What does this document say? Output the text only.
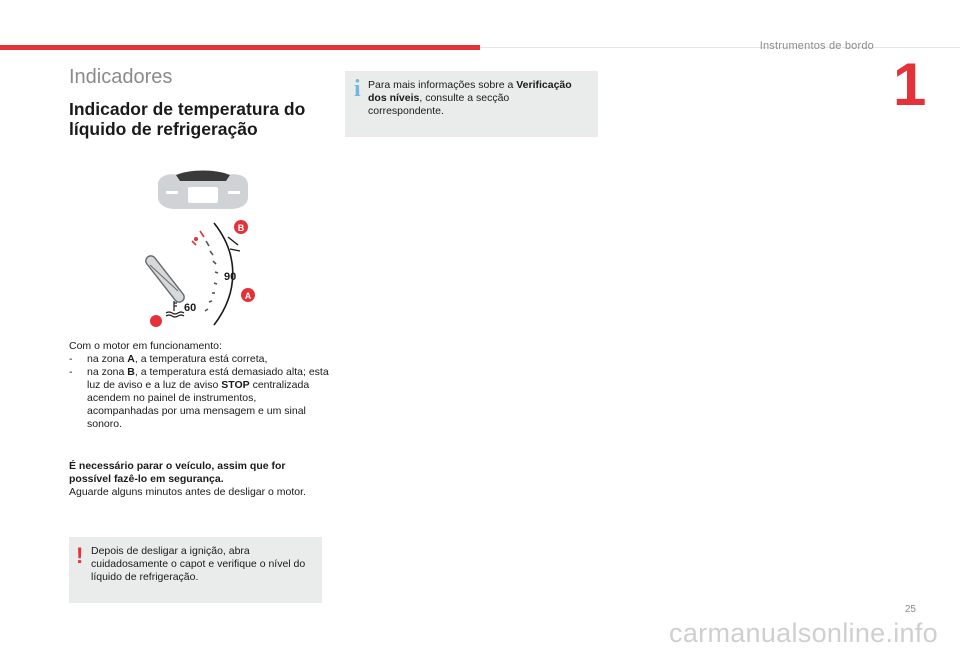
Instrumentos de bordo
1
Indicadores
Indicador de temperatura do líquido de refrigeração
90
60
B
A

Com o motor em funcionamento:

-	na zona A, a temperatura está correta,
-	na zona B, a temperatura está demasiado alta; esta luz de aviso e a luz de aviso STOP centralizada acendem no painel de instrumentos, acompanhadas por uma mensagem e um sinal sonoro.

É necessário parar o veículo, assim que for possível fazê-lo em segurança.

Aguarde alguns minutos antes de desligar o motor.

! Depois de desligar a ignição, abra cuidadosamente o capot e verifique o nível do líquido de refrigeração.
i Para mais informações sobre a Verificação dos níveis, consulte a secção correspondente.
25
carmanualsonline.info
